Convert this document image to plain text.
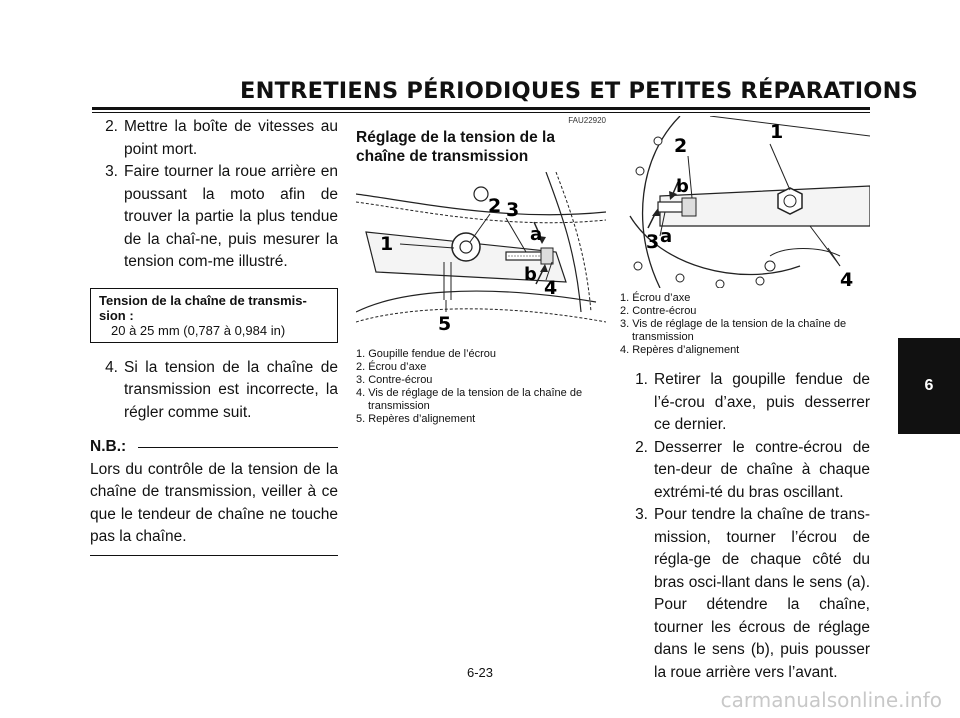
ENTRETIENS PÉRIODIQUES ET PETITES RÉPARATIONS
2. Mettre la boîte de vitesses au point mort.
3. Faire tourner la roue arrière en poussant la moto afin de trouver la partie la plus tendue de la chaî-ne, puis mesurer la tension com-me illustré.
Tension de la chaîne de transmis-sion :
20 à 25 mm (0,787 à 0,984 in)
4. Si la tension de la chaîne de transmission est incorrecte, la régler comme suit.
N.B.:
Lors du contrôle de la tension de la chaîne de transmission, veiller à ce que le tendeur de chaîne ne touche pas la chaîne.
FAU22920
Réglage de la tension de la chaîne de transmission
1
2 3
a
b
4
5
1. Goupille fendue de l’écrou
2. Écrou d’axe
3. Contre-écrou
4. Vis de réglage de la tension de la chaîne de transmission
5. Repères d’alignement
1
2
b
3 a
4
1. Écrou d’axe
2. Contre-écrou
3. Vis de réglage de la tension de la chaîne de transmission
4. Repères d’alignement
1. Retirer la goupille fendue de l’é-crou d’axe, puis desserrer ce dernier.
2. Desserrer le contre-écrou de ten-deur de chaîne à chaque extrémi-té du bras oscillant.
3. Pour tendre la chaîne de trans-mission, tourner l’écrou de régla-ge de chaque côté du bras osci-llant dans le sens (a). Pour détendre la chaîne, tourner les écrous de réglage dans le sens (b), puis pousser la roue arrière vers l’avant.
6
6-23
carmanualsonline.info
